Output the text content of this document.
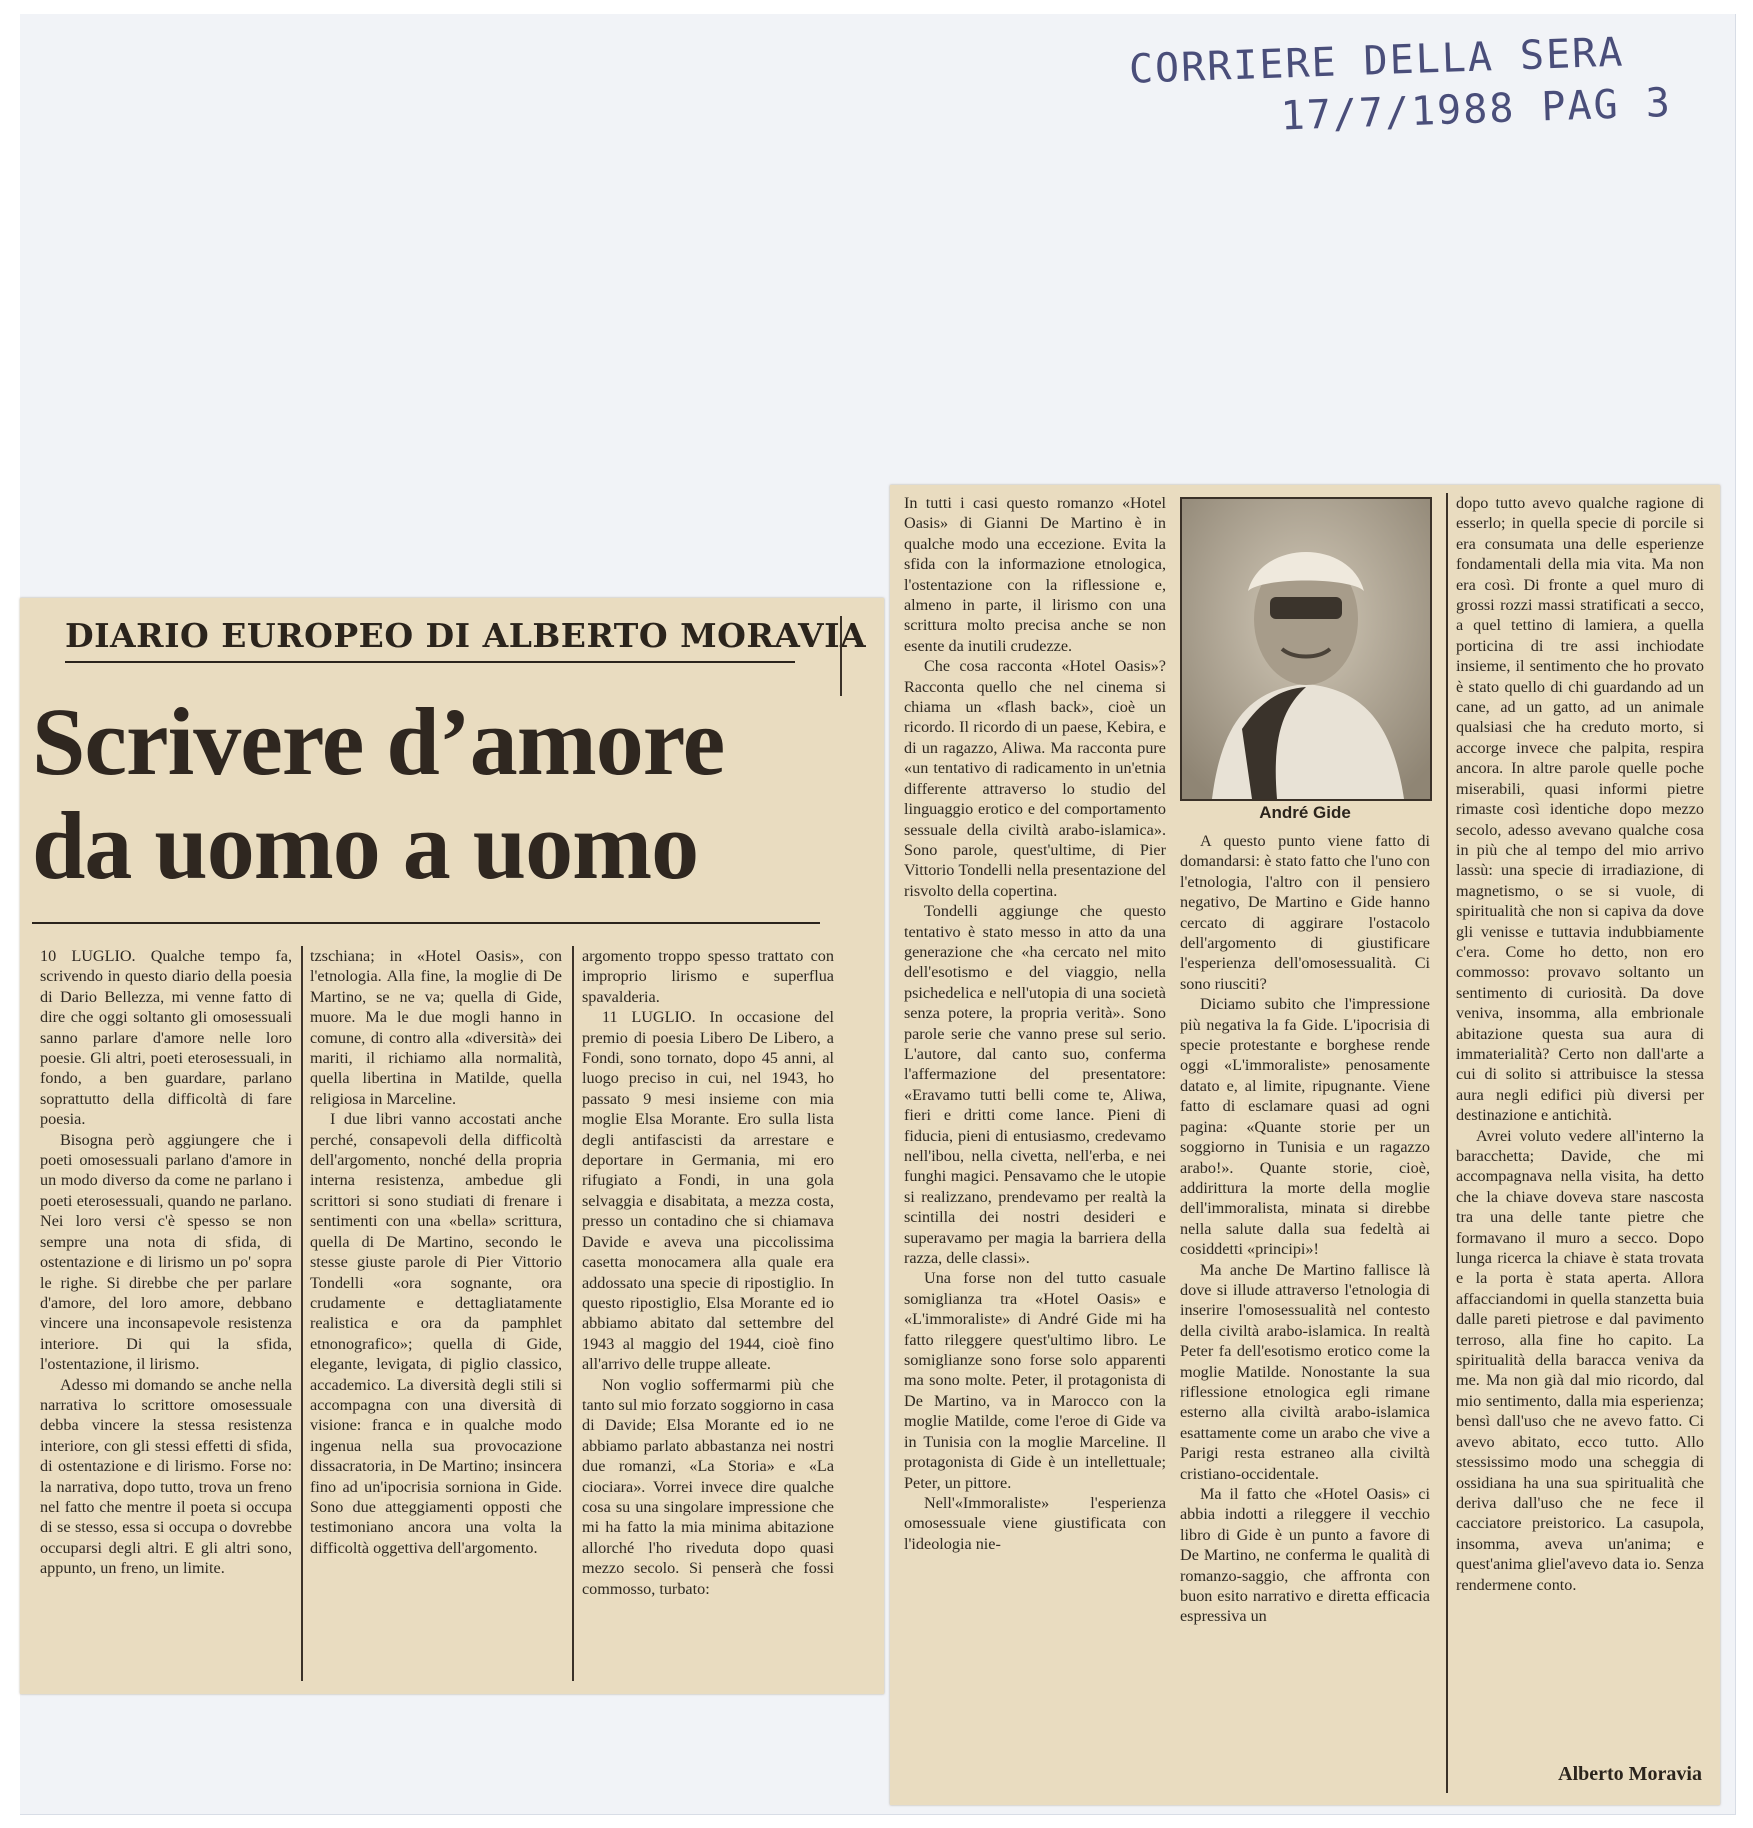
CORRIERE DELLA SERA
17/7/1988 PAG 3
DIARIO EUROPEO DI ALBERTO MORAVIA
Scrivere d’amore
da uomo a uomo

10 LUGLIO. Qualche tempo fa, scrivendo in questo diario della poesia di Dario Bellezza, mi venne fatto di dire che oggi soltanto gli omosessuali sanno parlare d'amore nelle loro poesie. Gli altri, poeti eterosessuali, in fondo, a ben guardare, parlano soprattutto della difficoltà di fare poesia.

Bisogna però aggiungere che i poeti omosessuali parlano d'amore in un modo diverso da come ne parlano i poeti eterosessuali, quando ne parlano. Nei loro versi c'è spesso se non sempre una nota di sfida, di ostentazione e di lirismo un po' sopra le righe. Si direbbe che per parlare d'amore, del loro amore, debbano vincere una inconsapevole resistenza interiore. Di qui la sfida, l'ostentazione, il lirismo.

Adesso mi domando se anche nella narrativa lo scrittore omosessuale debba vincere la stessa resistenza interiore, con gli stessi effetti di sfida, di ostentazione e di lirismo. Forse no: la narrativa, dopo tutto, trova un freno nel fatto che mentre il poeta si occupa di se stesso, essa si occupa o dovrebbe occuparsi degli altri. E gli altri sono, appunto, un freno, un limite.

tzschiana; in «Hotel Oasis», con l'etnologia. Alla fine, la moglie di De Martino, se ne va; quella di Gide, muore. Ma le due mogli hanno in comune, di contro alla «diversità» dei mariti, il richiamo alla normalità, quella libertina in Matilde, quella religiosa in Marceline.

I due libri vanno accostati anche perché, consapevoli della difficoltà dell'argomento, nonché della propria interna resistenza, ambedue gli scrittori si sono studiati di frenare i sentimenti con una «bella» scrittura, quella di De Martino, secondo le stesse giuste parole di Pier Vittorio Tondelli «ora sognante, ora crudamente e dettagliatamente realistica e ora da pamphlet etnonografico»; quella di Gide, elegante, levigata, di piglio classico, accademico. La diversità degli stili si accompagna con una diversità di visione: franca e in qualche modo ingenua nella sua provocazione dissacratoria, in De Martino; insincera fino ad un'ipocrisia sorniona in Gide. Sono due atteggiamenti opposti che testimoniano ancora una volta la difficoltà oggettiva dell'argomento.

argomento troppo spesso trattato con improprio lirismo e superflua spavalderia.

11 LUGLIO. In occasione del premio di poesia Libero De Libero, a Fondi, sono tornato, dopo 45 anni, al luogo preciso in cui, nel 1943, ho passato 9 mesi insieme con mia moglie Elsa Morante. Ero sulla lista degli antifascisti da arrestare e deportare in Germania, mi ero rifugiato a Fondi, in una gola selvaggia e disabitata, a mezza costa, presso un contadino che si chiamava Davide e aveva una piccolissima casetta monocamera alla quale era addossato una specie di ripostiglio. In questo ripostiglio, Elsa Morante ed io abbiamo abitato dal settembre del 1943 al maggio del 1944, cioè fino all'arrivo delle truppe alleate.

Non voglio soffermarmi più che tanto sul mio forzato soggiorno in casa di Davide; Elsa Morante ed io ne abbiamo parlato abbastanza nei nostri due romanzi, «La Storia» e «La ciociara». Vorrei invece dire qualche cosa su una singolare impressione che mi ha fatto la mia minima abitazione allorché l'ho riveduta dopo quasi mezzo secolo. Si penserà che fossi commosso, turbato:

In tutti i casi questo romanzo «Hotel Oasis» di Gianni De Martino è in qualche modo una eccezione. Evita la sfida con la informazione etnologica, l'ostentazione con la riflessione e, almeno in parte, il lirismo con una scrittura molto precisa anche se non esente da inutili crudezze.

Che cosa racconta «Hotel Oasis»? Racconta quello che nel cinema si chiama un «flash back», cioè un ricordo. Il ricordo di un paese, Kebira, e di un ragazzo, Aliwa. Ma racconta pure «un tentativo di radicamento in un'etnia differente attraverso lo studio del linguaggio erotico e del comportamento sessuale della civiltà arabo-islamica». Sono parole, quest'ultime, di Pier Vittorio Tondelli nella presentazione del risvolto della copertina.

Tondelli aggiunge che questo tentativo è stato messo in atto da una generazione che «ha cercato nel mito dell'esotismo e del viaggio, nella psichedelica e nell'utopia di una società senza potere, la propria verità». Sono parole serie che vanno prese sul serio. L'autore, dal canto suo, conferma l'affermazione del presentatore: «Eravamo tutti belli come te, Aliwa, fieri e dritti come lance. Pieni di fiducia, pieni di entusiasmo, credevamo nell'ibou, nella civetta, nell'erba, e nei funghi magici. Pensavamo che le utopie si realizzano, prendevamo per realtà la scintilla dei nostri desideri e superavamo per magia la barriera della razza, delle classi».

Una forse non del tutto casuale somiglianza tra «Hotel Oasis» e «L'immoraliste» di André Gide mi ha fatto rileggere quest'ultimo libro. Le somiglianze sono forse solo apparenti ma sono molte. Peter, il protagonista di De Martino, va in Marocco con la moglie Matilde, come l'eroe di Gide va in Tunisia con la moglie Marceline. Il protagonista di Gide è un intellettuale; Peter, un pittore.

Nell'«Immoraliste» l'esperienza omosessuale viene giustificata con l'ideologia nie-

André Gide

A questo punto viene fatto di domandarsi: è stato fatto che l'uno con l'etnologia, l'altro con il pensiero negativo, De Martino e Gide hanno cercato di aggirare l'ostacolo dell'argomento di giustificare l'esperienza dell'omosessualità. Ci sono riusciti?

Diciamo subito che l'impressione più negativa la fa Gide. L'ipocrisia di specie protestante e borghese rende oggi «L'immoraliste» penosamente datato e, al limite, ripugnante. Viene fatto di esclamare quasi ad ogni pagina: «Quante storie per un soggiorno in Tunisia e un ragazzo arabo!». Quante storie, cioè, addirittura la morte della moglie dell'immoralista, minata si direbbe nella salute dalla sua fedeltà ai cosiddetti «principi»!

Ma anche De Martino fallisce là dove si illude attraverso l'etnologia di inserire l'omosessualità nel contesto della civiltà arabo-islamica. In realtà Peter fa dell'esotismo erotico come la moglie Matilde. Nonostante la sua riflessione etnologica egli rimane esterno alla civiltà arabo-islamica esattamente come un arabo che vive a Parigi resta estraneo alla civiltà cristiano-occidentale.

Ma il fatto che «Hotel Oasis» ci abbia indotti a rileggere il vecchio libro di Gide è un punto a favore di De Martino, ne conferma le qualità di romanzo-saggio, che affronta con buon esito narrativo e diretta efficacia espressiva un

dopo tutto avevo qualche ragione di esserlo; in quella specie di porcile si era consumata una delle esperienze fondamentali della mia vita. Ma non era così. Di fronte a quel muro di grossi rozzi massi stratificati a secco, a quel tettino di lamiera, a quella porticina di tre assi inchiodate insieme, il sentimento che ho provato è stato quello di chi guardando ad un cane, ad un gatto, ad un animale qualsiasi che ha creduto morto, si accorge invece che palpita, respira ancora. In altre parole quelle poche miserabili, quasi informi pietre rimaste così identiche dopo mezzo secolo, adesso avevano qualche cosa in più che al tempo del mio arrivo lassù: una specie di irradiazione, di magnetismo, o se si vuole, di spiritualità che non si capiva da dove gli venisse e tuttavia indubbiamente c'era. Come ho detto, non ero commosso: provavo soltanto un sentimento di curiosità. Da dove veniva, insomma, alla embrionale abitazione questa sua aura di immaterialità? Certo non dall'arte a cui di solito si attribuisce la stessa aura negli edifici più diversi per destinazione e antichità.

Avrei voluto vedere all'interno la baracchetta; Davide, che mi accompagnava nella visita, ha detto che la chiave doveva stare nascosta tra una delle tante pietre che formavano il muro a secco. Dopo lunga ricerca la chiave è stata trovata e la porta è stata aperta. Allora affacciandomi in quella stanzetta buia dalle pareti pietrose e dal pavimento terroso, alla fine ho capito. La spiritualità della baracca veniva da me. Ma non già dal mio ricordo, dal mio sentimento, dalla mia esperienza; bensì dall'uso che ne avevo fatto. Ci avevo abitato, ecco tutto. Allo stessissimo modo una scheggia di ossidiana ha una sua spiritualità che deriva dall'uso che ne fece il cacciatore preistorico. La casupola, insomma, aveva un'anima; e quest'anima gliel'avevo data io. Senza rendermene conto.

Alberto Moravia
